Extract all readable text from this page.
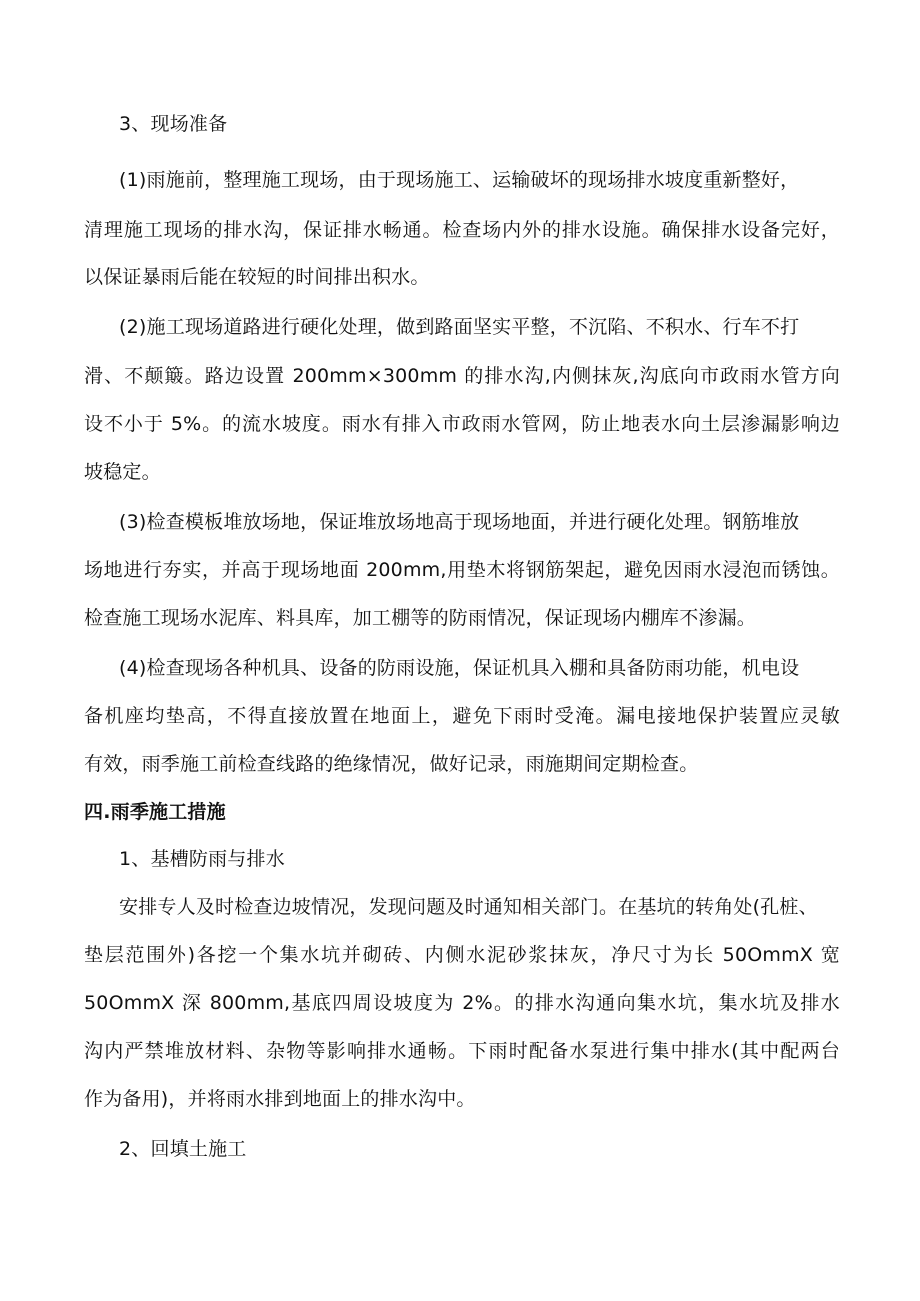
3、现场准备
(1)雨施前，整理施工现场，由于现场施工、运输破坏的现场排水坡度重新整好，
清理施工现场的排水沟，保证排水畅通。检查场内外的排水设施。确保排水设备完好，
以保证暴雨后能在较短的时间排出积水。
(2)施工现场道路进行硬化处理，做到路面坚实平整，不沉陷、不积水、行车不打
滑、不颠簸。路边设置 200mm×300mm 的排水沟,内侧抹灰,沟底向市政雨水管方向
设不小于 5%。的流水坡度。雨水有排入市政雨水管网，防止地表水向土层渗漏影响边
坡稳定。
(3)检查模板堆放场地，保证堆放场地高于现场地面，并进行硬化处理。钢筋堆放
场地进行夯实，并高于现场地面 200mm,用垫木将钢筋架起，避免因雨水浸泡而锈蚀。
检查施工现场水泥库、料具库，加工棚等的防雨情况，保证现场内棚库不渗漏。
(4)检查现场各种机具、设备的防雨设施，保证机具入棚和具备防雨功能，机电设
备机座均垫高，不得直接放置在地面上，避免下雨时受淹。漏电接地保护装置应灵敏
有效，雨季施工前检查线路的绝缘情况，做好记录，雨施期间定期检查。
四.雨季施工措施
1、基槽防雨与排水
安排专人及时检查边坡情况，发现问题及时通知相关部门。在基坑的转角处(孔桩、
垫层范围外)各挖一个集水坑并砌砖、内侧水泥砂浆抹灰，净尺寸为长 50OmmX 宽
50OmmX 深 800mm,基底四周设坡度为 2%。的排水沟通向集水坑，集水坑及排水
沟内严禁堆放材料、杂物等影响排水通畅。下雨时配备水泵进行集中排水(其中配两台
作为备用)，并将雨水排到地面上的排水沟中。
2、回填土施工
